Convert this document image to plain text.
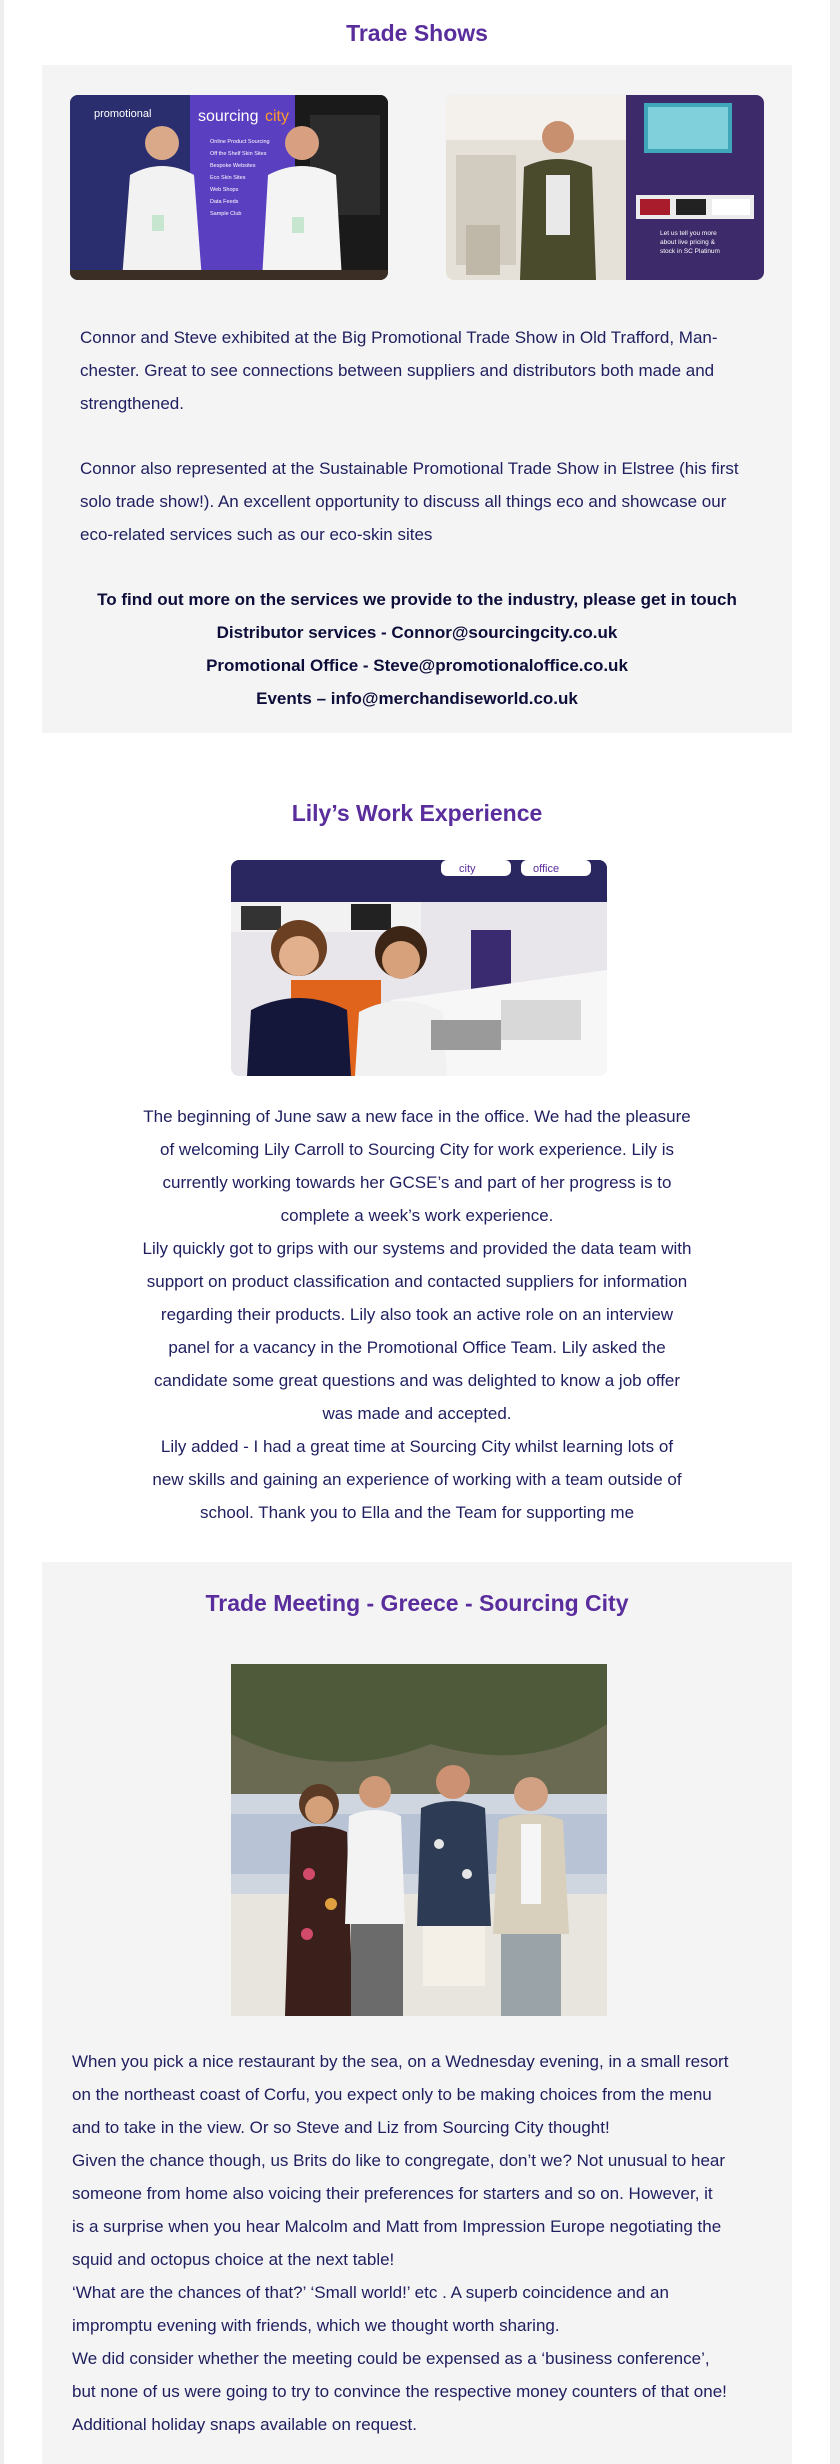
Trade Shows
promotional	sourcing city
Online Product Sourcing
Off the Shelf Skin Sites
Bespoke Websites
Eco Skin Sites
Web Shops
Data Feeds
Sample Club
Let us tell you more
about live pricing &
stock in SC Platinum

Connor and Steve exhibited at the Big Promotional Trade Show in Old Trafford, Man-chester. Great to see connections between suppliers and distributors both made and strengthened.

Connor also represented at the Sustainable Promotional Trade Show in Elstree (his first solo trade show!). An excellent opportunity to discuss all things eco and showcase our eco-related services such as our eco-skin sites

To find out more on the services we provide to the industry, please get in touch

Distributor services - Connor@sourcingcity.co.uk

Promotional Office - Steve@promotionaloffice.co.uk

Events – info@merchandiseworld.co.uk

Lily’s Work Experience
city	office

The beginning of June saw a new face in the office. We had the pleasure

of welcoming Lily Carroll to Sourcing City for work experience. Lily is

currently working towards her GCSE’s and part of her progress is to

complete a week’s work experience.

Lily quickly got to grips with our systems and provided the data team with

support on product classification and contacted suppliers for information

regarding their products. Lily also took an active role on an interview

panel for a vacancy in the Promotional Office Team. Lily asked the

candidate some great questions and was delighted to know a job offer

was made and accepted.

Lily added - I had a great time at Sourcing City whilst learning lots of

new skills and gaining an experience of working with a team outside of

school. Thank you to Ella and the Team for supporting me

Trade Meeting - Greece - Sourcing City

When you pick a nice restaurant by the sea, on a Wednesday evening, in a small resort

on the northeast coast of Corfu, you expect only to be making choices from the menu

and to take in the view. Or so Steve and Liz from Sourcing City thought!

Given the chance though, us Brits do like to congregate, don’t we? Not unusual to hear

someone from home also voicing their preferences for starters and so on. However, it

is a surprise when you hear Malcolm and Matt from Impression Europe negotiating the

squid and octopus choice at the next table!

‘What are the chances of that?’ ‘Small world!’ etc . A superb coincidence and an

impromptu evening with friends, which we thought worth sharing.

We did consider whether the meeting could be expensed as a ‘business conference’,

but none of us were going to try to convince the respective money counters of that one!

Additional holiday snaps available on request.
